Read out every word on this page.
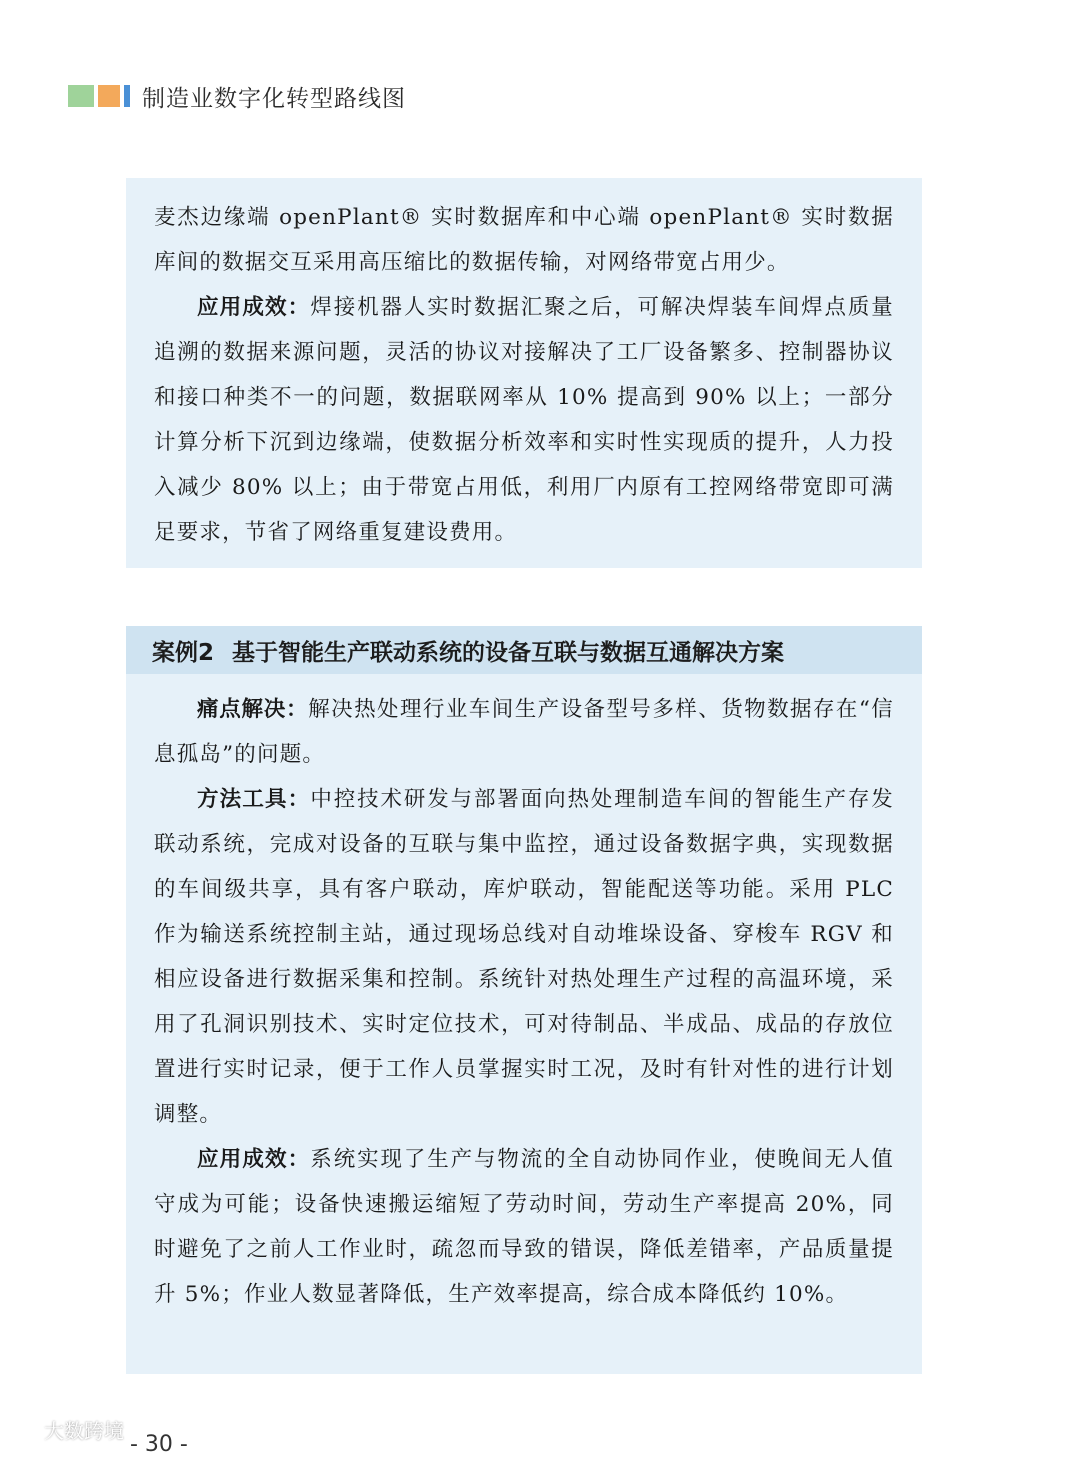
制造业数字化转型路线图

麦杰边缘端 openPlant® 实时数据库和中心端 openPlant® 实时数据库间的数据交互采用高压缩比的数据传输，对网络带宽占用少。

应用成效：焊接机器人实时数据汇聚之后，可解决焊装车间焊点质量追溯的数据来源问题，灵活的协议对接解决了工厂设备繁多、控制器协议和接口种类不一的问题，数据联网率从 10% 提高到 90% 以上；一部分计算分析下沉到边缘端，使数据分析效率和实时性实现质的提升，人力投入减少 80% 以上；由于带宽占用低，利用厂内原有工控网络带宽即可满足要求，节省了网络重复建设费用。

案例2 基于智能生产联动系统的设备互联与数据互通解决方案

痛点解决：解决热处理行业车间生产设备型号多样、货物数据存在“信息孤岛”的问题。

方法工具：中控技术研发与部署面向热处理制造车间的智能生产存发联动系统，完成对设备的互联与集中监控，通过设备数据字典，实现数据的车间级共享，具有客户联动，库炉联动，智能配送等功能。采用 PLC 作为输送系统控制主站，通过现场总线对自动堆垛设备、穿梭车 RGV 和相应设备进行数据采集和控制。系统针对热处理生产过程的高温环境，采用了孔洞识别技术、实时定位技术，可对待制品、半成品、成品的存放位置进行实时记录，便于工作人员掌握实时工况，及时有针对性的进行计划调整。

应用成效：系统实现了生产与物流的全自动协同作业，使晚间无人值守成为可能；设备快速搬运缩短了劳动时间，劳动生产率提高 20%，同时避免了之前人工作业时，疏忽而导致的错误，降低差错率，产品质量提升 5%；作业人数显著降低，生产效率提高，综合成本降低约 10%。

大数跨境
- 30 -
